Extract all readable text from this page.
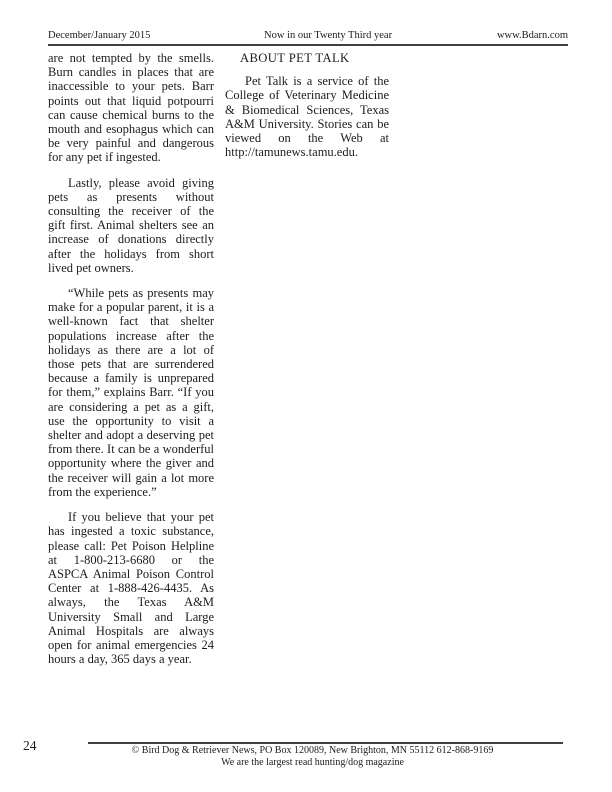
December/January 2015	Now in our Twenty Third year	www.Bdarn.com

are not tempted by the smells. Burn candles in places that are inaccessible to your pets. Barr points out that liquid potpourri can cause chemical burns to the mouth and esophagus which can be very painful and dangerous for any pet if ingested.

Lastly, please avoid giving pets as presents without consulting the receiver of the gift first. Animal shelters see an increase of donations directly after the holidays from short lived pet owners.

“While pets as presents may make for a popular parent, it is a well-known fact that shelter populations increase after the holidays as there are a lot of those pets that are surrendered because a family is unprepared for them,” explains Barr. “If you are considering a pet as a gift, use the opportunity to visit a shelter and adopt a deserving pet from there. It can be a wonderful opportunity where the giver and the receiver will gain a lot more from the experience.”

If you believe that your pet has ingested a toxic substance, please call: Pet Poison Helpline at 1-800-213-6680 or the ASPCA Animal Poison Control Center at 1-888-426-4435. As always, the Texas A&M University Small and Large Animal Hospitals are always open for animal emergencies 24 hours a day, 365 days a year.

ABOUT PET TALK

Pet Talk is a service of the College of Veterinary Medicine & Biomedical Sciences, Texas A&M University. Stories can be viewed on the Web at http://tamunews.tamu.edu.

24	© Bird Dog & Retriever News, PO Box 120089, New Brighton, MN 55112 612-868-9169
We are the largest read hunting/dog magazine
